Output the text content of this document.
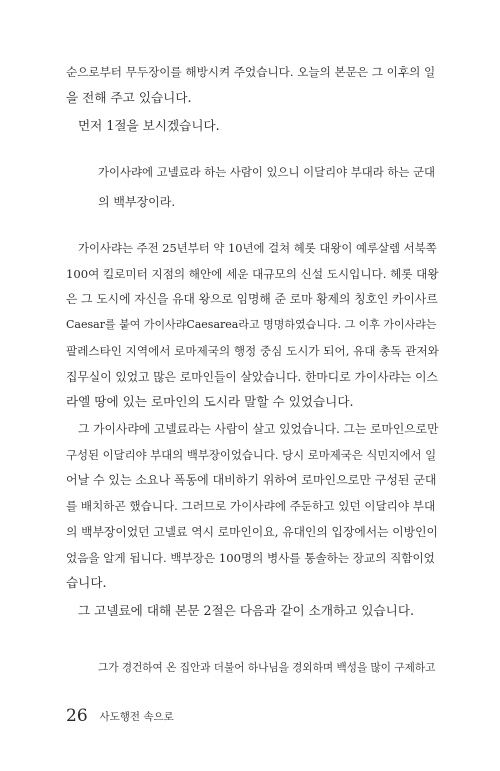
순으로부터 무두장이를 해방시켜 주었습니다. 오늘의 본문은 그 이후의 일
을 전해 주고 있습니다.
먼저 1절을 보시겠습니다.
가이사랴에 고넬료라 하는 사람이 있으니 이달리야 부대라 하는 군대
의 백부장이라.
가이사랴는 주전 25년부터 약 10년에 걸쳐 헤롯 대왕이 예루살렘 서북쪽
100여 킬로미터 지점의 해안에 세운 대규모의 신설 도시입니다. 헤롯 대왕
은 그 도시에 자신을 유대 왕으로 임명해 준 로마 황제의 칭호인 카이사르
Caesar를 붙여 가이사랴Caesarea라고 명명하였습니다. 그 이후 가이사랴는
팔레스타인 지역에서 로마제국의 행정 중심 도시가 되어, 유대 총독 관저와
집무실이 있었고 많은 로마인들이 살았습니다. 한마디로 가이사랴는 이스
라엘 땅에 있는 로마인의 도시라 말할 수 있었습니다.
그 가이사랴에 고넬료라는 사람이 살고 있었습니다. 그는 로마인으로만
구성된 이달리야 부대의 백부장이었습니다. 당시 로마제국은 식민지에서 일
어날 수 있는 소요나 폭동에 대비하기 위하여 로마인으로만 구성된 군대
를 배치하곤 했습니다. 그러므로 가이사랴에 주둔하고 있던 이달리야 부대
의 백부장이었던 고넬료 역시 로마인이요, 유대인의 입장에서는 이방인이
었음을 알게 됩니다. 백부장은 100명의 병사를 통솔하는 장교의 직함이었
습니다.
그 고넬료에 대해 본문 2절은 다음과 같이 소개하고 있습니다.
그가 경건하여 온 집안과 더불어 하나님을 경외하며 백성을 많이 구제하고
26 사도행전 속으로
